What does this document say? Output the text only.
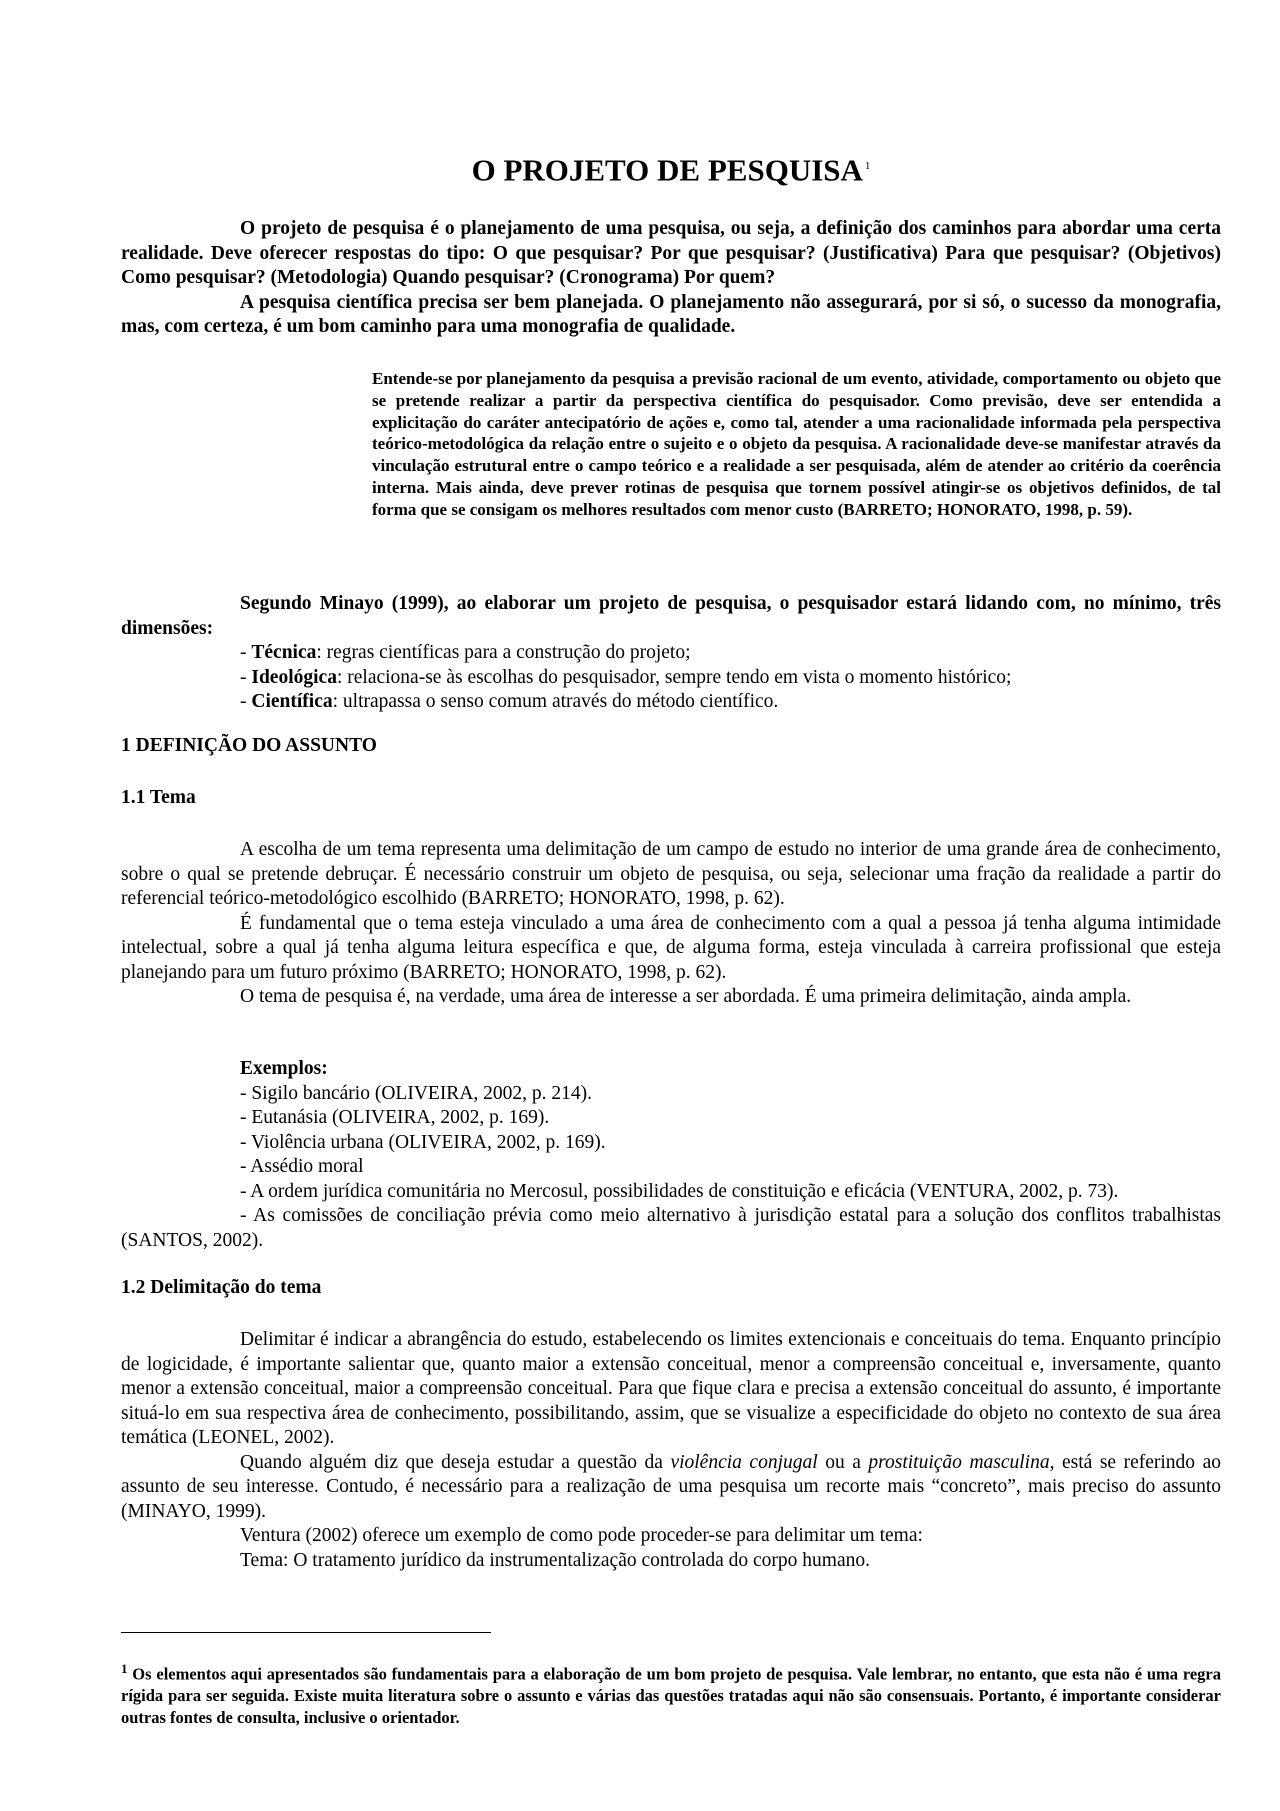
O PROJETO DE PESQUISA $^1$

O projeto de pesquisa é o planejamento de uma pesquisa, ou seja, a definição dos caminhos para abordar uma certa realidade. Deve oferecer respostas do tipo: O que pesquisar? Por que pesquisar? (Justificativa) Para que pesquisar? (Objetivos) Como pesquisar? (Metodologia) Quando pesquisar? (Cronograma) Por quem?

A pesquisa científica precisa ser bem planejada. O planejamento não assegurará, por si só, o sucesso da monografia, mas, com certeza, é um bom caminho para uma monografia de qualidade.

Entende-se por planejamento da pesquisa a previsão racional de um evento, atividade, comportamento ou objeto que se pretende realizar a partir da perspectiva científica do pesquisador. Como previsão, deve ser entendida a explicitação do caráter antecipatório de ações e, como tal, atender a uma racionalidade informada pela perspectiva teórico-metodológica da relação entre o sujeito e o objeto da pesquisa. A racionalidade deve-se manifestar através da vinculação estrutural entre o campo teórico e a realidade a ser pesquisada, além de atender ao critério da coerência interna. Mais ainda, deve prever rotinas de pesquisa que tornem possível atingir-se os objetivos definidos, de tal forma que se consigam os melhores resultados com menor custo (BARRETO; HONORATO, 1998, p. 59).

Segundo Minayo (1999), ao elaborar um projeto de pesquisa, o pesquisador estará lidando com, no mínimo, três dimensões:

- Técnica: regras científicas para a construção do projeto;
- Ideológica: relaciona-se às escolhas do pesquisador, sempre tendo em vista o momento histórico;
- Científica: ultrapassa o senso comum através do método científico.
1 DEFINIÇÃO DO ASSUNTO
1.1 Tema

A escolha de um tema representa uma delimitação de um campo de estudo no interior de uma grande área de conhecimento, sobre o qual se pretende debruçar. É necessário construir um objeto de pesquisa, ou seja, selecionar uma fração da realidade a partir do referencial teórico-metodológico escolhido (BARRETO; HONORATO, 1998, p. 62).

É fundamental que o tema esteja vinculado a uma área de conhecimento com a qual a pessoa já tenha alguma intimidade intelectual, sobre a qual já tenha alguma leitura específica e que, de alguma forma, esteja vinculada à carreira profissional que esteja planejando para um futuro próximo (BARRETO; HONORATO, 1998, p. 62).

O tema de pesquisa é, na verdade, uma área de interesse a ser abordada. É uma primeira delimitação, ainda ampla.

Exemplos:
- Sigilo bancário (OLIVEIRA, 2002, p. 214).
- Eutanásia (OLIVEIRA, 2002, p. 169).
- Violência urbana (OLIVEIRA, 2002, p. 169).
- Assédio moral
- A ordem jurídica comunitária no Mercosul, possibilidades de constituição e eficácia (VENTURA, 2002, p. 73).

- As comissões de conciliação prévia como meio alternativo à jurisdição estatal para a solução dos conflitos trabalhistas (SANTOS, 2002).

1.2 Delimitação do tema

Delimitar é indicar a abrangência do estudo, estabelecendo os limites extencionais e conceituais do tema. Enquanto princípio de logicidade, é importante salientar que, quanto maior a extensão conceitual, menor a compreensão conceitual e, inversamente, quanto menor a extensão conceitual, maior a compreensão conceitual. Para que fique clara e precisa a extensão conceitual do assunto, é importante situá-lo em sua respectiva área de conhecimento, possibilitando, assim, que se visualize a especificidade do objeto no contexto de sua área temática (LEONEL, 2002).

Quando alguém diz que deseja estudar a questão da violência conjugal ou a prostituição masculina, está se referindo ao assunto de seu interesse. Contudo, é necessário para a realização de uma pesquisa um recorte mais “concreto”, mais preciso do assunto (MINAYO, 1999).

Ventura (2002) oferece um exemplo de como pode proceder-se para delimitar um tema:

Tema: O tratamento jurídico da instrumentalização controlada do corpo humano.

$^1$ Os elementos aqui apresentados são fundamentais para a elaboração de um bom projeto de pesquisa. Vale lembrar, no entanto, que esta não é uma regra rígida para ser seguida. Existe muita literatura sobre o assunto e várias das questões tratadas aqui não são consensuais. Portanto, é importante considerar outras fontes de consulta, inclusive o orientador.
